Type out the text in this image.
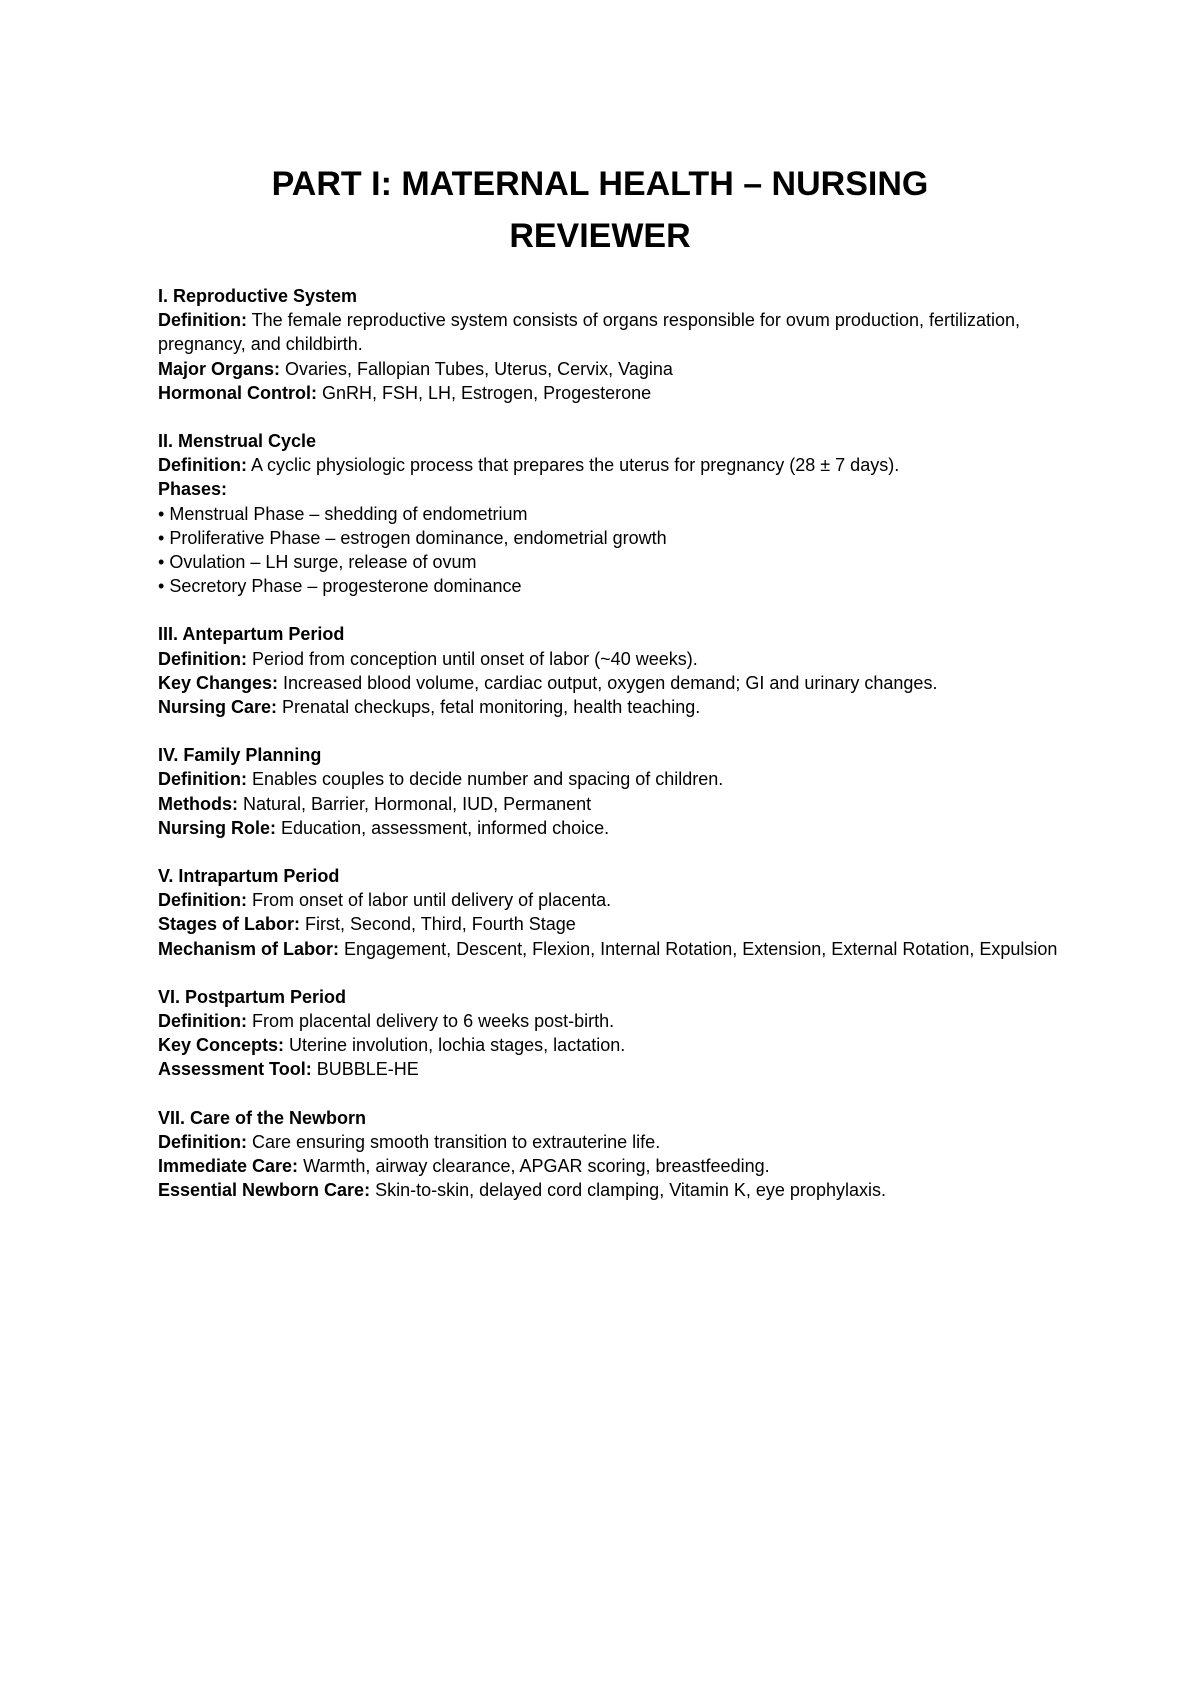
PART I: MATERNAL HEALTH – NURSING REVIEWER
I. Reproductive System
Definition: The female reproductive system consists of organs responsible for ovum production, fertilization, pregnancy, and childbirth.
Major Organs: Ovaries, Fallopian Tubes, Uterus, Cervix, Vagina
Hormonal Control: GnRH, FSH, LH, Estrogen, Progesterone
II. Menstrual Cycle
Definition: A cyclic physiologic process that prepares the uterus for pregnancy (28 ± 7 days).
Phases:
• Menstrual Phase – shedding of endometrium
• Proliferative Phase – estrogen dominance, endometrial growth
• Ovulation – LH surge, release of ovum
• Secretory Phase – progesterone dominance
III. Antepartum Period
Definition: Period from conception until onset of labor (~40 weeks).
Key Changes: Increased blood volume, cardiac output, oxygen demand; GI and urinary changes.
Nursing Care: Prenatal checkups, fetal monitoring, health teaching.
IV. Family Planning
Definition: Enables couples to decide number and spacing of children.
Methods: Natural, Barrier, Hormonal, IUD, Permanent
Nursing Role: Education, assessment, informed choice.
V. Intrapartum Period
Definition: From onset of labor until delivery of placenta.
Stages of Labor: First, Second, Third, Fourth Stage
Mechanism of Labor: Engagement, Descent, Flexion, Internal Rotation, Extension, External Rotation, Expulsion
VI. Postpartum Period
Definition: From placental delivery to 6 weeks post-birth.
Key Concepts: Uterine involution, lochia stages, lactation.
Assessment Tool: BUBBLE-HE
VII. Care of the Newborn
Definition: Care ensuring smooth transition to extrauterine life.
Immediate Care: Warmth, airway clearance, APGAR scoring, breastfeeding.
Essential Newborn Care: Skin-to-skin, delayed cord clamping, Vitamin K, eye prophylaxis.
